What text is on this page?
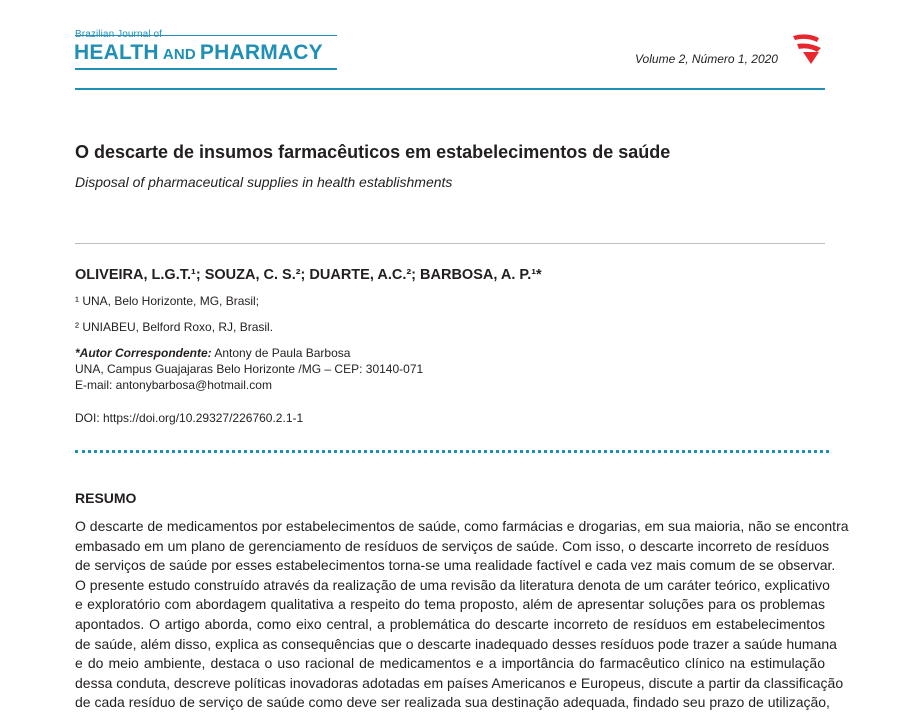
HEALTH AND PHARMACY	Volume 2, Número 1, 2020
O descarte de insumos farmacêuticos em estabelecimentos de saúde
Disposal of pharmaceutical supplies in health establishments
OLIVEIRA, L.G.T.¹; SOUZA, C. S.²; DUARTE, A.C.²; BARBOSA, A. P.¹*
¹ UNA, Belo Horizonte, MG, Brasil;
² UNIABEU, Belford Roxo, RJ, Brasil.
*Autor Correspondente: Antony de Paula Barbosa
UNA, Campus Guajajaras Belo Horizonte /MG – CEP: 30140-071
E-mail: antonybarbosa@hotmail.com
DOI: https://doi.org/10.29327/226760.2.1-1
RESUMO
O descarte de medicamentos por estabelecimentos de saúde, como farmácias e drogarias, em sua maioria, não se encontra
embasado em um plano de gerenciamento de resíduos de serviços de saúde. Com isso, o descarte incorreto de resíduos
de serviços de saúde por esses estabelecimentos torna-se uma realidade factível e cada vez mais comum de se observar.
O presente estudo construído através da realização de uma revisão da literatura denota de um caráter teórico, explicativo
e exploratório com abordagem qualitativa a respeito do tema proposto, além de apresentar soluções para os problemas
apontados. O artigo aborda, como eixo central, a problemática do descarte incorreto de resíduos em estabelecimentos
de saúde, além disso, explica as consequências que o descarte inadequado desses resíduos pode trazer a saúde humana
e do meio ambiente, destaca o uso racional de medicamentos e a importância do farmacêutico clínico na estimulação
dessa conduta, descreve políticas inovadoras adotadas em países Americanos e Europeus, discute a partir da classificação
de cada resíduo de serviço de saúde como deve ser realizada sua destinação adequada, findado seu prazo de utilização,
